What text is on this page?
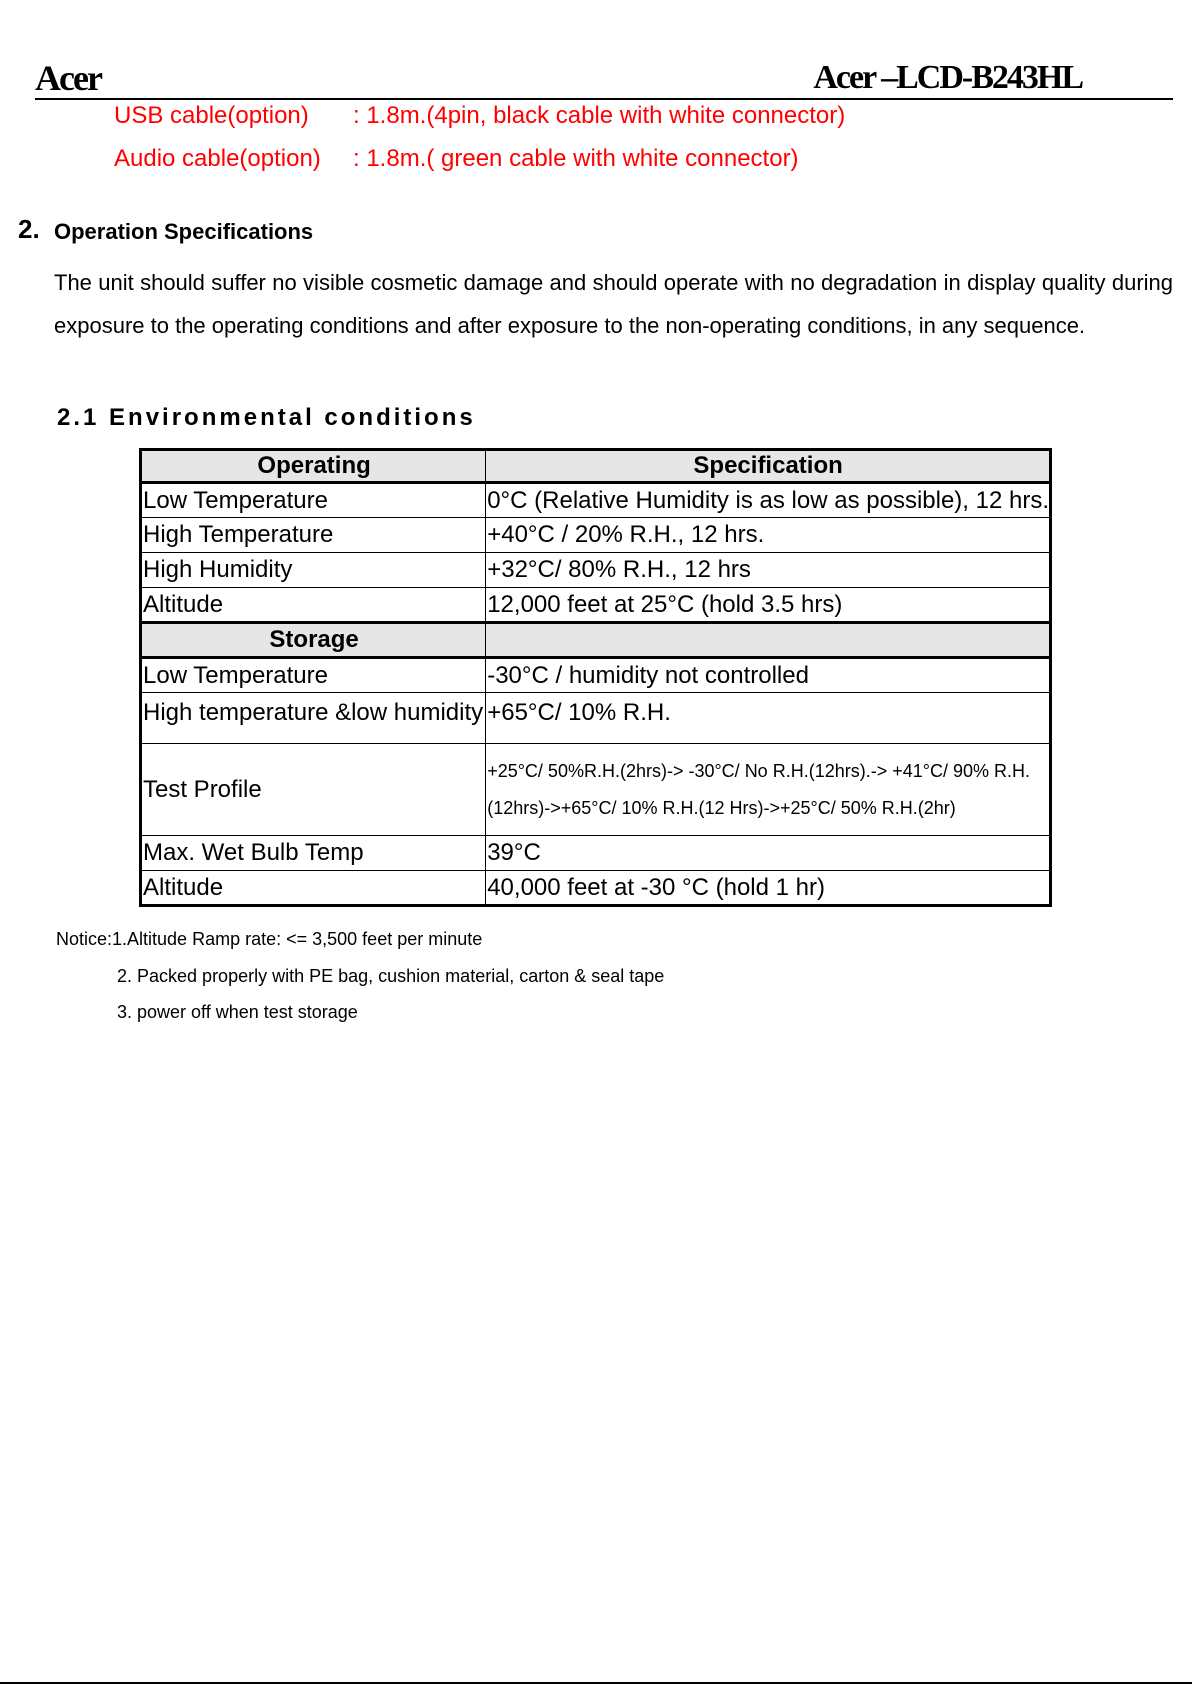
Acer	Acer –LCD-B243HL
USB cable(option) : 1.8m.(4pin, black cable with white connector)
Audio cable(option) : 1.8m.( green cable with white connector)
2. Operation Specifications
The unit should suffer no visible cosmetic damage and should operate with no degradation in display quality during exposure to the operating conditions and after exposure to the non-operating conditions, in any sequence.
2.1 Environmental conditions
Operating	Specification
Low Temperature	0°C (Relative Humidity is as low as possible), 12 hrs.
High Temperature	+40°C / 20% R.H., 12 hrs.
High Humidity	+32°C/ 80% R.H., 12 hrs
Altitude	12,000 feet at 25°C (hold 3.5 hrs)
Storage	
Low Temperature	-30°C / humidity not controlled
High temperature &low humidity	+65°C/ 10% R.H.
Test Profile	+25°C/ 50%R.H.(2hrs)-> -30°C/ No R.H.(12hrs).-> +41°C/ 90% R.H.(12hrs)->+65°C/ 10% R.H.(12 Hrs)->+25°C/ 50% R.H.(2hr)
Max. Wet Bulb Temp	39°C
Altitude	40,000 feet at -30 °C (hold 1 hr)
Notice:1.Altitude Ramp rate: <= 3,500 feet per minute
2. Packed properly with PE bag, cushion material, carton & seal tape
3. power off when test storage
